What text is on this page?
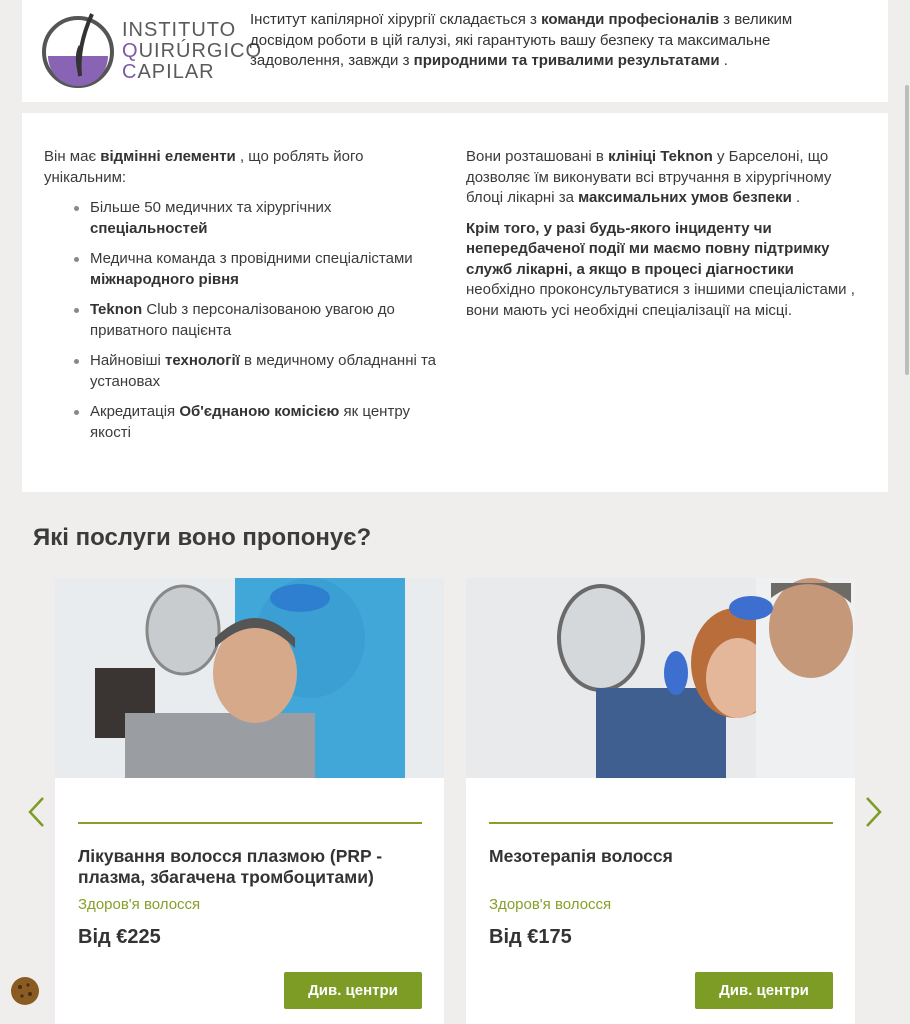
INSTITUTO
QUIRÚRGICO
CAPILAR
Інститут капілярної хірургії складається з команди професіоналів з великим досвідом роботи в цій галузі, які гарантують вашу безпеку та максимальне задоволення, завжди з природними та тривалими результатами .

Він має відмінні елементи , що роблять його унікальним:

Більше 50 медичних та хірургічних спеціальностей
Медична команда з провідними спеціалістами міжнародного рівня
Teknon Club з персоналізованою увагою до приватного пацієнта
Найновіші технології в медичному обладнанні та установах
Акредитація Об'єднаною комісією як центру якості

Вони розташовані в клініці Теknon у Барселоні, що дозволяє їм виконувати всі втручання в хірургічному блоці лікарні за максимальних умов безпеки .

Крім того, у разі будь-якого інциденту чи непередбаченої події ми маємо повну підтримку служб лікарні, а якщо в процесі діагностики необхідно проконсультуватися з іншими спеціалістами , вони мають усі необхідні спеціалізації на місці.

Які послуги воно пропонує?
Лікування волосся плазмою (PRP - плазма, збагачена тромбоцитами)
Здоров'я волосся
Від €225
Див. центри
Мезотерапія волосся
Здоров'я волосся
Від €175
Див. центри
